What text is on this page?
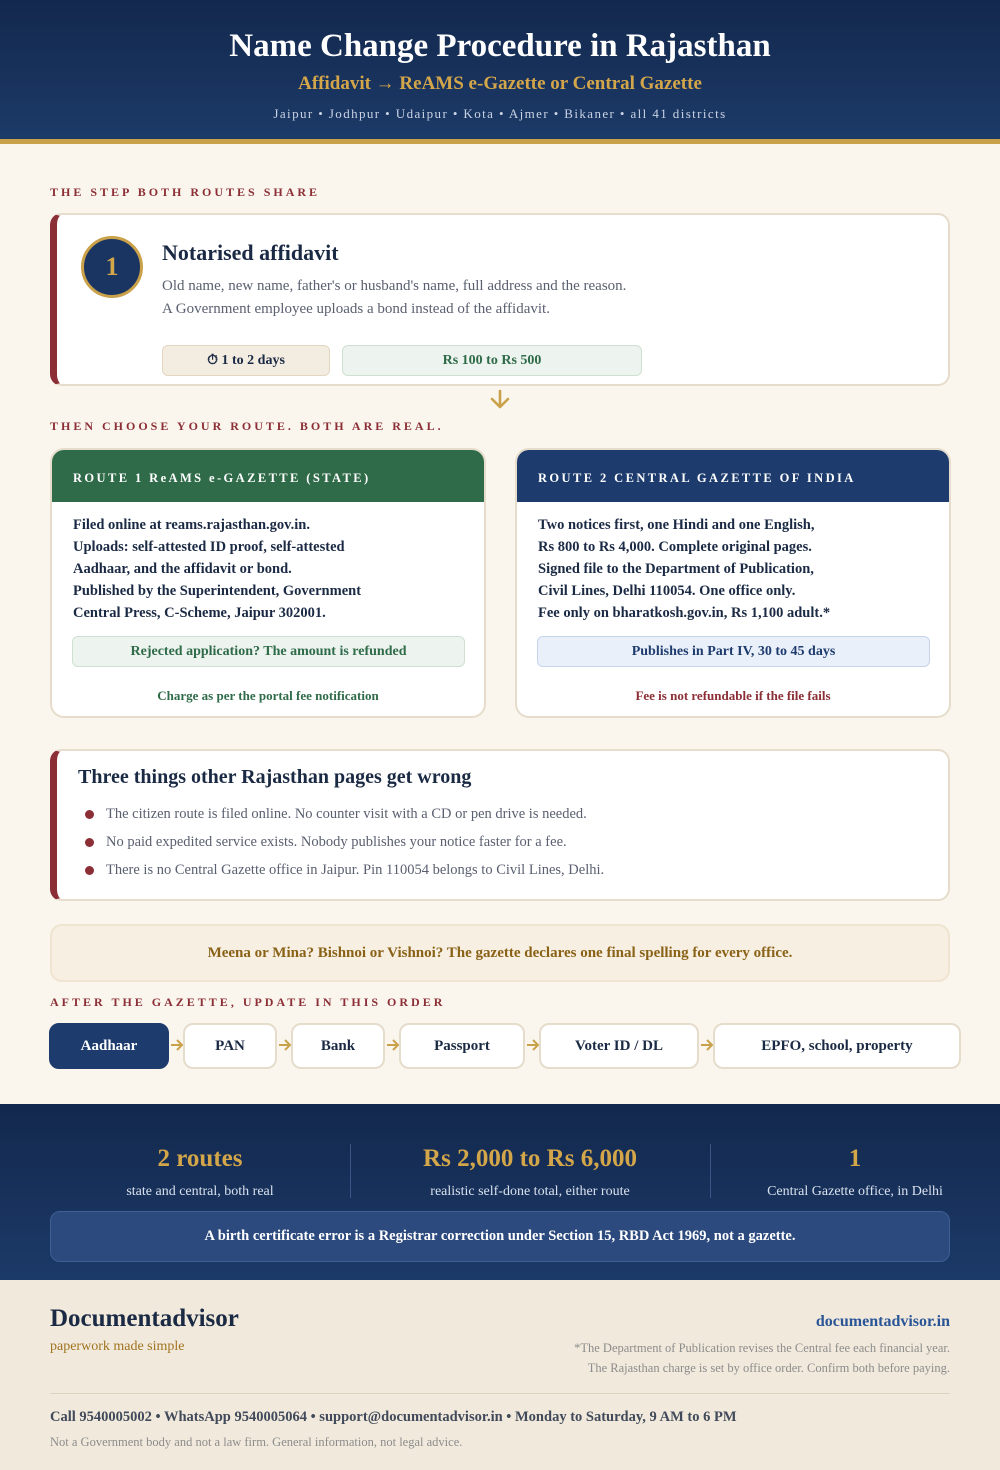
Name Change Procedure in Rajasthan
Affidavit → ReAMS e-Gazette or Central Gazette
Jaipur • Jodhpur • Udaipur • Kota • Ajmer • Bikaner • all 41 districts
THE STEP BOTH ROUTES SHARE
1	Notarised affidavit
Old name, new name, father's or husband's name, full address and the reason.
A Government employee uploads a bond instead of the affidavit.
⏱ 1 to 2 days	Rs 100 to Rs 500
THEN CHOOSE YOUR ROUTE. BOTH ARE REAL.
ROUTE 1 ReAMS e-GAZETTE (STATE)
Filed online at reams.rajasthan.gov.in.
Uploads: self-attested ID proof, self-attested
Aadhaar, and the affidavit or bond.
Published by the Superintendent, Government
Central Press, C-Scheme, Jaipur 302001.
Rejected application? The amount is refunded
Charge as per the portal fee notification
ROUTE 2 CENTRAL GAZETTE OF INDIA
Two notices first, one Hindi and one English,
Rs 800 to Rs 4,000. Complete original pages.
Signed file to the Department of Publication,
Civil Lines, Delhi 110054. One office only.
Fee only on bharatkosh.gov.in, Rs 1,100 adult.*
Publishes in Part IV, 30 to 45 days
Fee is not refundable if the file fails
Three things other Rajasthan pages get wrong
The citizen route is filed online. No counter visit with a CD or pen drive is needed.
No paid expedited service exists. Nobody publishes your notice faster for a fee.
There is no Central Gazette office in Jaipur. Pin 110054 belongs to Civil Lines, Delhi.
Meena or Mina? Bishnoi or Vishnoi? The gazette declares one final spelling for every office.
AFTER THE GAZETTE, UPDATE IN THIS ORDER
Aadhaar	PAN	Bank	Passport	Voter ID / DL	EPFO, school, property
2 routes
state and central, both real
Rs 2,000 to Rs 6,000
realistic self-done total, either route
1
Central Gazette office, in Delhi
A birth certificate error is a Registrar correction under Section 15, RBD Act 1969, not a gazette.
Documentadvisor
paperwork made simple
documentadvisor.in
*The Department of Publication revises the Central fee each financial year.
The Rajasthan charge is set by office order. Confirm both before paying.
Call 9540005002 • WhatsApp 9540005064 • support@documentadvisor.in • Monday to Saturday, 9 AM to 6 PM
Not a Government body and not a law firm. General information, not legal advice.
